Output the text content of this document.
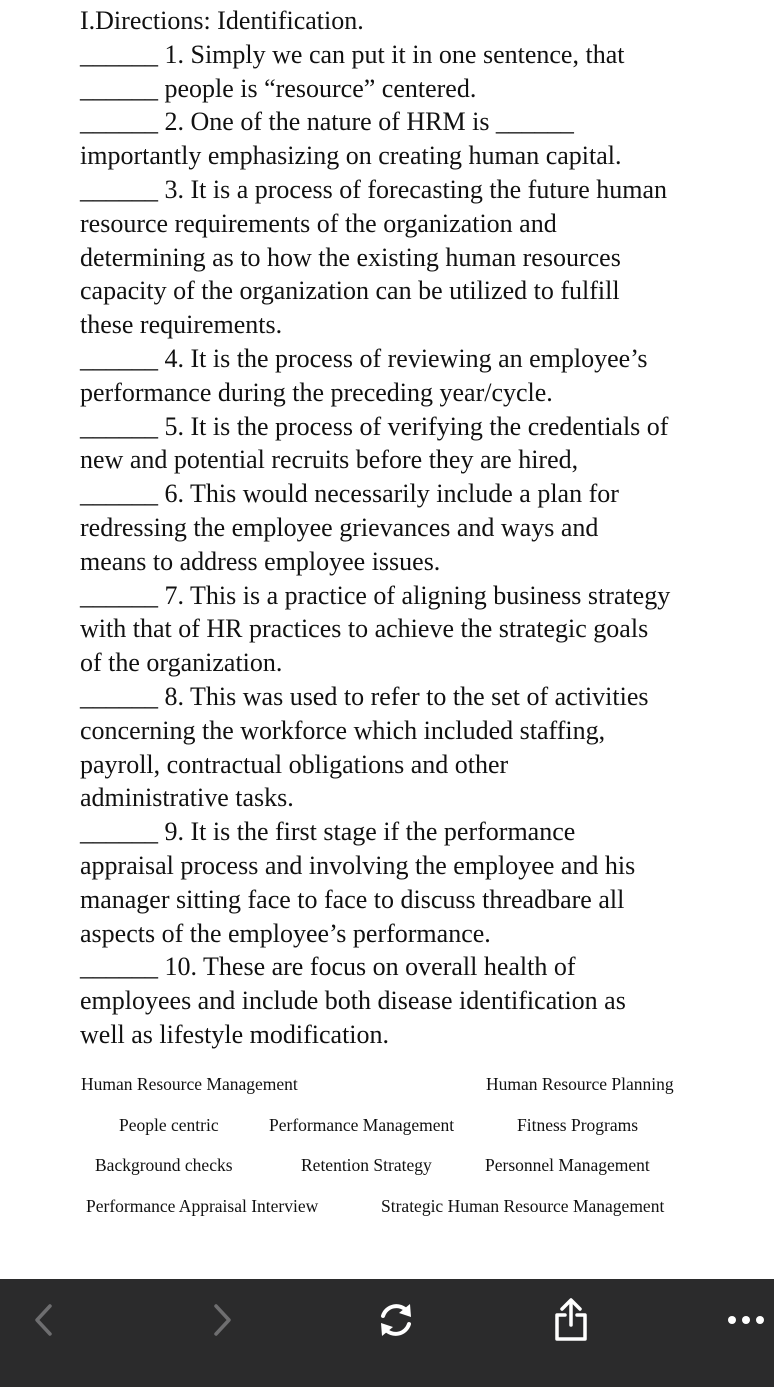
I.Directions: Identification.
______ 1. Simply we can put it in one sentence, that
______ people is “resource” centered.
______ 2. One of the nature of HRM is ______
importantly emphasizing on creating human capital.
______ 3. It is a process of forecasting the future human
resource requirements of the organization and
determining as to how the existing human resources
capacity of the organization can be utilized to fulfill
these requirements.
______ 4. It is the process of reviewing an employee’s
performance during the preceding year/cycle.
______ 5. It is the process of verifying the credentials of
new and potential recruits before they are hired,
______ 6. This would necessarily include a plan for
redressing the employee grievances and ways and
means to address employee issues.
______ 7. This is a practice of aligning business strategy
with that of HR practices to achieve the strategic goals
of the organization.
______ 8. This was used to refer to the set of activities
concerning the workforce which included staffing,
payroll, contractual obligations and other
administrative tasks.
______ 9. It is the first stage if the performance
appraisal process and involving the employee and his
manager sitting face to face to discuss threadbare all
aspects of the employee’s performance.
______ 10. These are focus on overall health of
employees and include both disease identification as
well as lifestyle modification.
Human Resource Management	Human Resource Planning
People centric	Performance Management	Fitness Programs
Background checks	Retention Strategy	Personnel Management
Performance Appraisal Interview	Strategic Human Resource Management
